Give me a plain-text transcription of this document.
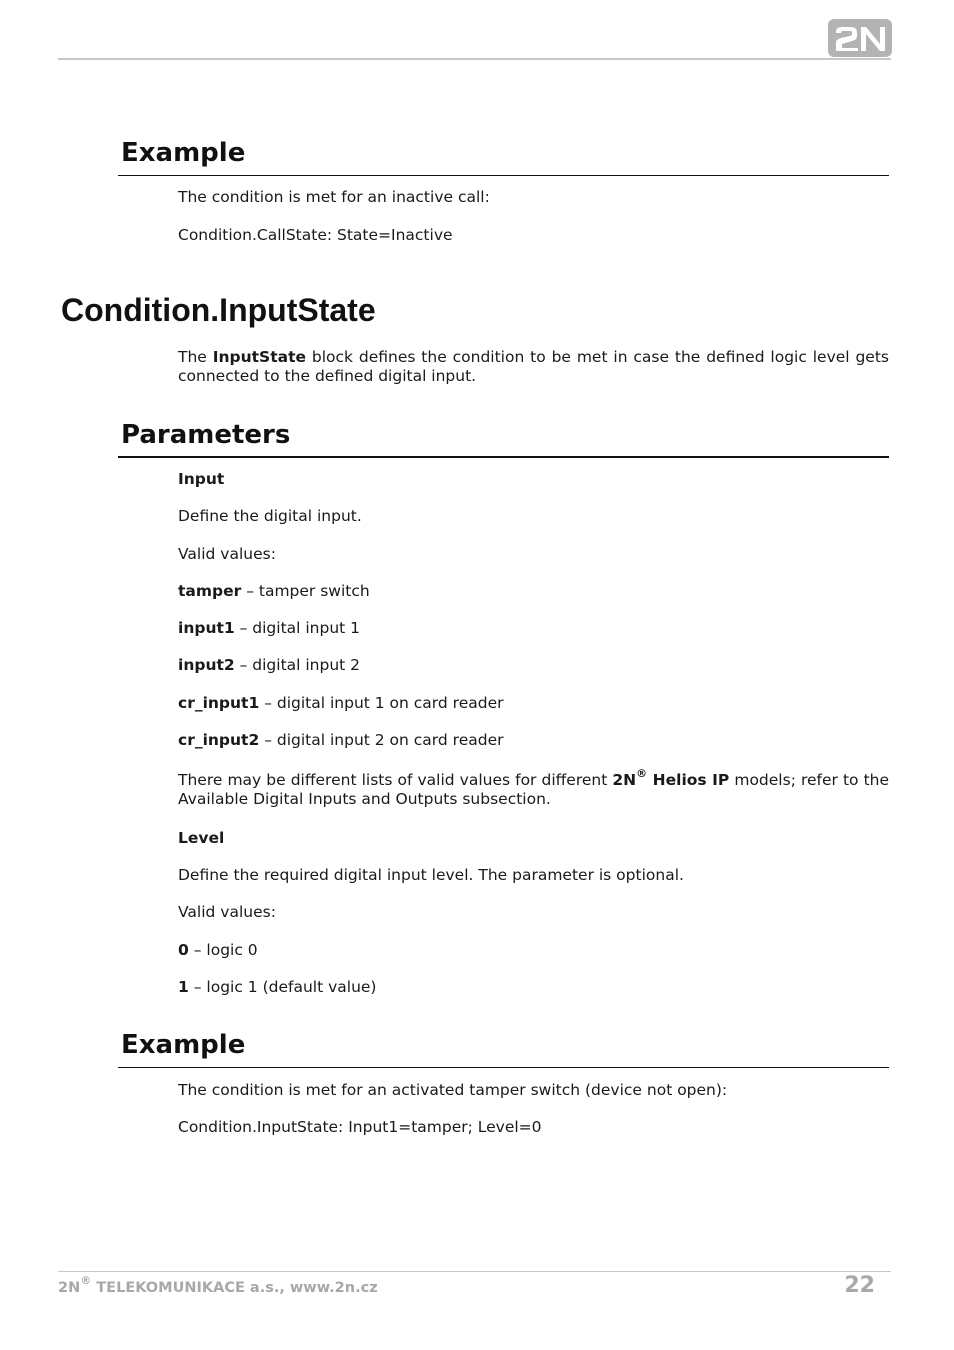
Example
The condition is met for an inactive call:
Condition.CallState: State=Inactive
Condition.InputState
The InputState block defines the condition to be met in case the defined logic level gets connected to the defined digital input.
Parameters
Input
Define the digital input.
Valid values:
tamper – tamper switch
input1 – digital input 1
input2 – digital input 2
cr_input1 – digital input 1 on card reader
cr_input2 – digital input 2 on card reader
There may be different lists of valid values for different 2N® Helios IP models; refer to the Available Digital Inputs and Outputs subsection.
Level
Define the required digital input level. The parameter is optional.
Valid values:
0 – logic 0
1 – logic 1 (default value)
Example
The condition is met for an activated tamper switch (device not open):
Condition.InputState: Input1=tamper; Level=0
2N® TELEKOMUNIKACE a.s., www.2n.cz	22
